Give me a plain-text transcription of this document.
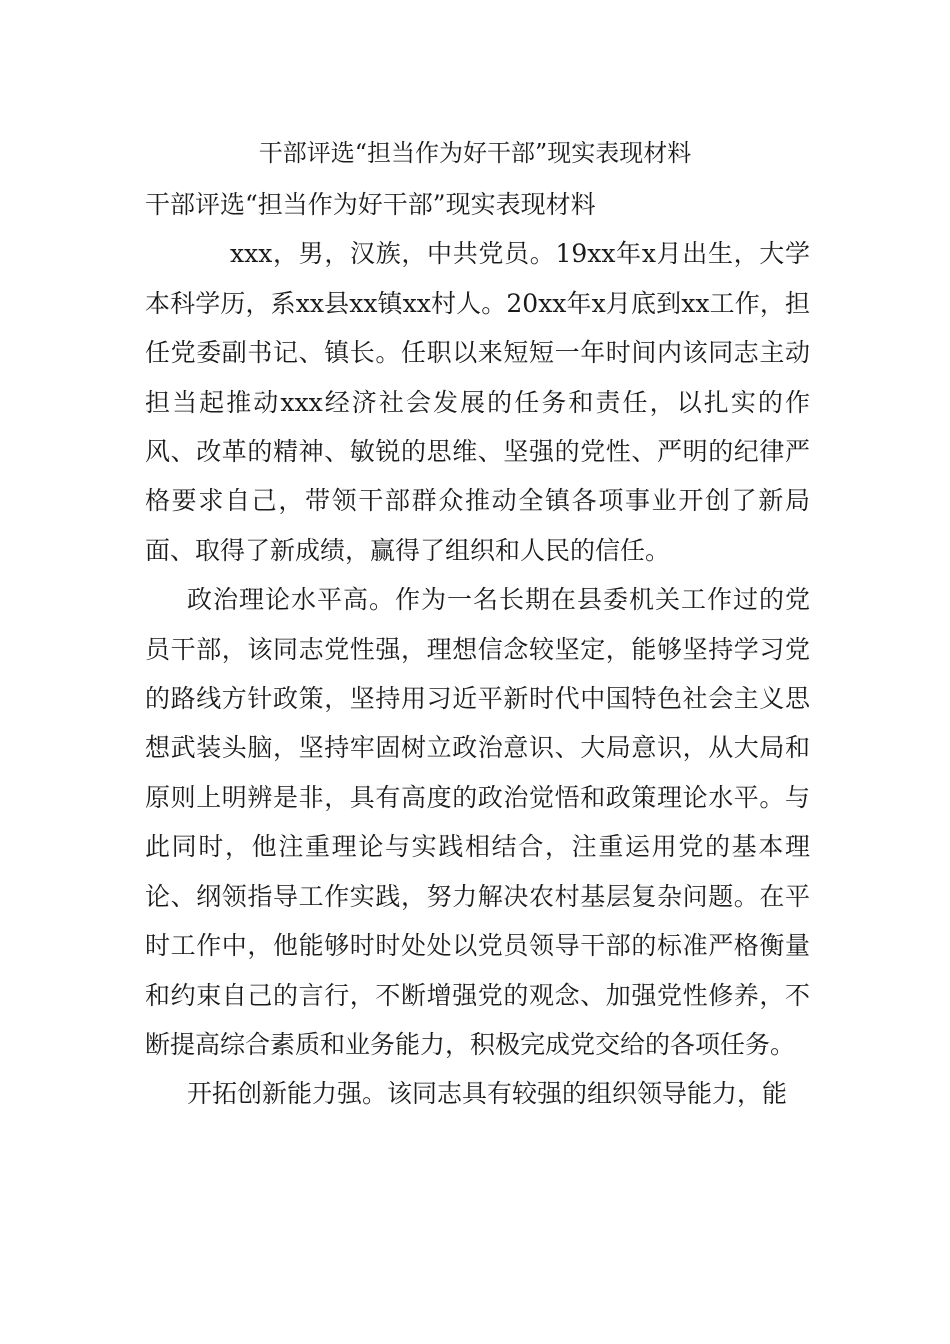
干部评选“担当作为好干部”现实表现材料

干部评选“担当作为好干部”现实表现材料

xxx，男，汉族，中共党员。19xx年x月出生，大学本科学历，系xx县xx镇xx村人。20xx年x月底到xx工作，担任党委副书记、镇长。任职以来短短一年时间内该同志主动担当起推动xxx经济社会发展的任务和责任，以扎实的作风、改革的精神、敏锐的思维、坚强的党性、严明的纪律严格要求自己，带领干部群众推动全镇各项事业开创了新局面、取得了新成绩，赢得了组织和人民的信任。

政治理论水平高。作为一名长期在县委机关工作过的党员干部，该同志党性强，理想信念较坚定，能够坚持学习党的路线方针政策，坚持用习近平新时代中国特色社会主义思想武装头脑，坚持牢固树立政治意识、大局意识，从大局和原则上明辨是非，具有高度的政治觉悟和政策理论水平。与此同时，他注重理论与实践相结合，注重运用党的基本理论、纲领指导工作实践，努力解决农村基层复杂问题。在平时工作中，他能够时时处处以党员领导干部的标准严格衡量和约束自己的言行，不断增强党的观念、加强党性修养，不断提高综合素质和业务能力，积极完成党交给的各项任务。

开拓创新能力强。该同志具有较强的组织领导能力，能
